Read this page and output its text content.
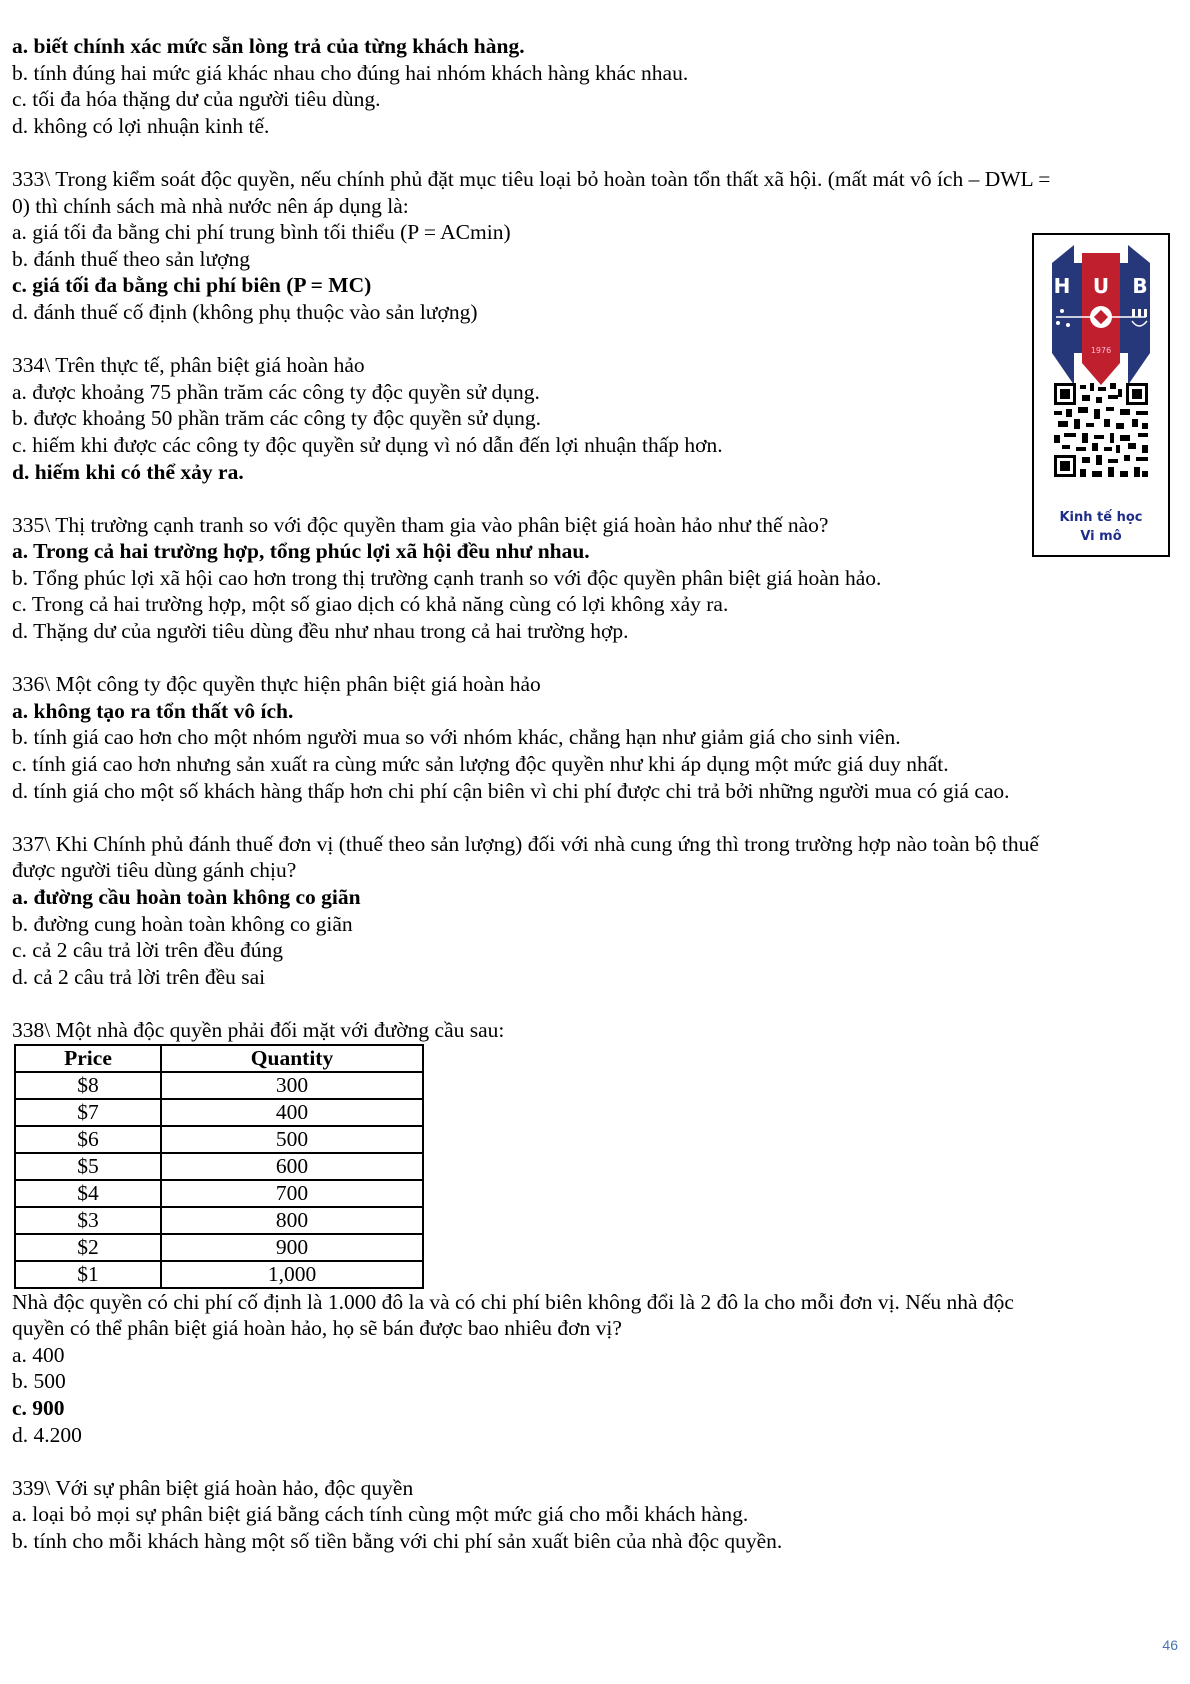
a. biết chính xác mức sẵn lòng trả của từng khách hàng.
b. tính đúng hai mức giá khác nhau cho đúng hai nhóm khách hàng khác nhau.
c. tối đa hóa thặng dư của người tiêu dùng.
d. không có lợi nhuận kinh tế.
333\ Trong kiểm soát độc quyền, nếu chính phủ đặt mục tiêu loại bỏ hoàn toàn tổn thất xã hội. (mất mát vô ích – DWL =
0) thì chính sách mà nhà nước nên áp dụng là:
a. giá tối đa bằng chi phí trung bình tối thiểu (P = ACmin)
b. đánh thuế theo sản lượng
c. giá tối đa bằng chi phí biên (P = MC)
d. đánh thuế cố định (không phụ thuộc vào sản lượng)
334\ Trên thực tế, phân biệt giá hoàn hảo
a. được khoảng 75 phần trăm các công ty độc quyền sử dụng.
b. được khoảng 50 phần trăm các công ty độc quyền sử dụng.
c. hiếm khi được các công ty độc quyền sử dụng vì nó dẫn đến lợi nhuận thấp hơn.
d. hiếm khi có thể xảy ra.
335\ Thị trường cạnh tranh so với độc quyền tham gia vào phân biệt giá hoàn hảo như thế nào?
a. Trong cả hai trường hợp, tổng phúc lợi xã hội đều như nhau.
b. Tổng phúc lợi xã hội cao hơn trong thị trường cạnh tranh so với độc quyền phân biệt giá hoàn hảo.
c. Trong cả hai trường hợp, một số giao dịch có khả năng cùng có lợi không xảy ra.
d. Thặng dư của người tiêu dùng đều như nhau trong cả hai trường hợp.
336\ Một công ty độc quyền thực hiện phân biệt giá hoàn hảo
a. không tạo ra tổn thất vô ích.
b. tính giá cao hơn cho một nhóm người mua so với nhóm khác, chẳng hạn như giảm giá cho sinh viên.
c. tính giá cao hơn nhưng sản xuất ra cùng mức sản lượng độc quyền như khi áp dụng một mức giá duy nhất.
d. tính giá cho một số khách hàng thấp hơn chi phí cận biên vì chi phí được chi trả bởi những người mua có giá cao.
337\ Khi Chính phủ đánh thuế đơn vị (thuế theo sản lượng) đối với nhà cung ứng thì trong trường hợp nào toàn bộ thuế
được người tiêu dùng gánh chịu?
a. đường cầu hoàn toàn không co giãn
b. đường cung hoàn toàn không co giãn
c. cả 2 câu trả lời trên đều đúng
d. cả 2 câu trả lời trên đều sai
338\ Một nhà độc quyền phải đối mặt với đường cầu sau:
Price	Quantity
$8	300
$7	400
$6	500
$5	600
$4	700
$3	800
$2	900
$1	1,000
Nhà độc quyền có chi phí cố định là 1.000 đô la và có chi phí biên không đổi là 2 đô la cho mỗi đơn vị. Nếu nhà độc
quyền có thể phân biệt giá hoàn hảo, họ sẽ bán được bao nhiêu đơn vị?
a. 400
b. 500
c. 900
d. 4.200
339\ Với sự phân biệt giá hoàn hảo, độc quyền
a. loại bỏ mọi sự phân biệt giá bằng cách tính cùng một mức giá cho mỗi khách hàng.
b. tính cho mỗi khách hàng một số tiền bằng với chi phí sản xuất biên của nhà độc quyền.
H U B
1976
Kinh tế học
Vi mô
46
